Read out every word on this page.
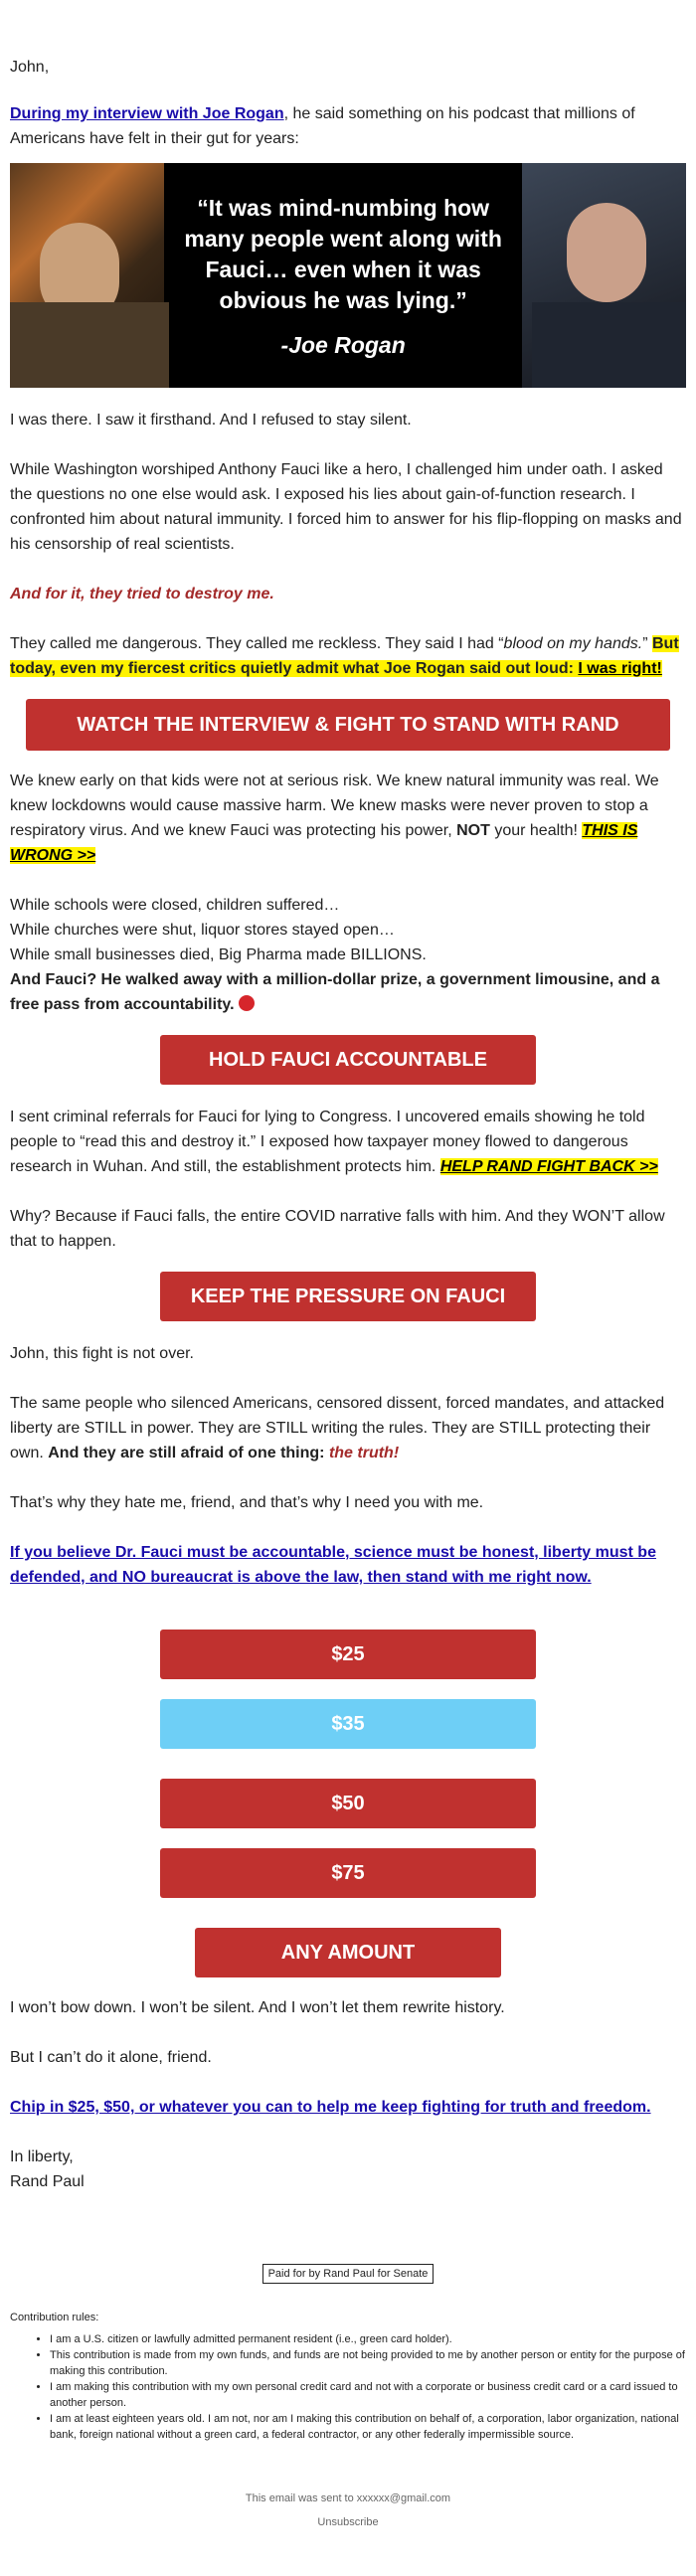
John,

During my interview with Joe Rogan, he said something on his podcast that millions of Americans have felt in their gut for years:

“It was mind-numbing how many people went along with Fauci… even when it was obvious he was lying.”
-Joe Rogan

I was there. I saw it firsthand. And I refused to stay silent.

While Washington worshiped Anthony Fauci like a hero, I challenged him under oath. I asked the questions no one else would ask. I exposed his lies about gain-of-function research. I confronted him about natural immunity. I forced him to answer for his flip-flopping on masks and his censorship of real scientists.

And for it, they tried to destroy me.

They called me dangerous. They called me reckless. They said I had “blood on my hands.” But today, even my fiercest critics quietly admit what Joe Rogan said out loud: I was right!

WATCH THE INTERVIEW & FIGHT TO STAND WITH RAND

We knew early on that kids were not at serious risk. We knew natural immunity was real. We knew lockdowns would cause massive harm. We knew masks were never proven to stop a respiratory virus. And we knew Fauci was protecting his power, NOT your health! THIS IS WRONG >>

While schools were closed, children suffered…

While churches were shut, liquor stores stayed open…

While small businesses died, Big Pharma made BILLIONS.

And Fauci? He walked away with a million-dollar prize, a government limousine, and a free pass from accountability.

HOLD FAUCI ACCOUNTABLE

I sent criminal referrals for Fauci for lying to Congress. I uncovered emails showing he told people to “read this and destroy it.” I exposed how taxpayer money flowed to dangerous research in Wuhan. And still, the establishment protects him. HELP RAND FIGHT BACK >>

Why? Because if Fauci falls, the entire COVID narrative falls with him. And they WON’T allow that to happen.

KEEP THE PRESSURE ON FAUCI

John, this fight is not over.

The same people who silenced Americans, censored dissent, forced mandates, and attacked liberty are STILL in power. They are STILL writing the rules. They are STILL protecting their own. And they are still afraid of one thing: the truth!

That’s why they hate me, friend, and that’s why I need you with me.

If you believe Dr. Fauci must be accountable, science must be honest, liberty must be defended, and NO bureaucrat is above the law, then stand with me right now.

$25
$35
$50
$75
ANY AMOUNT

I won’t bow down. I won’t be silent. And I won’t let them rewrite history.

But I can’t do it alone, friend.

Chip in $25, $50, or whatever you can to help me keep fighting for truth and freedom.

In liberty,

Rand Paul

Paid for by Rand Paul for Senate
Contribution rules:
• I am a U.S. citizen or lawfully admitted permanent resident (i.e., green card holder).
• This contribution is made from my own funds, and funds are not being provided to me by another person or entity for the purpose of making this contribution.
• I am making this contribution with my own personal credit card and not with a corporate or business credit card or a card issued to another person.
• I am at least eighteen years old. I am not, nor am I making this contribution on behalf of, a corporation, labor organization, national bank, foreign national without a green card, a federal contractor, or any other federally impermissible source.
This email was sent to xxxxxx@gmail.com
Unsubscribe
